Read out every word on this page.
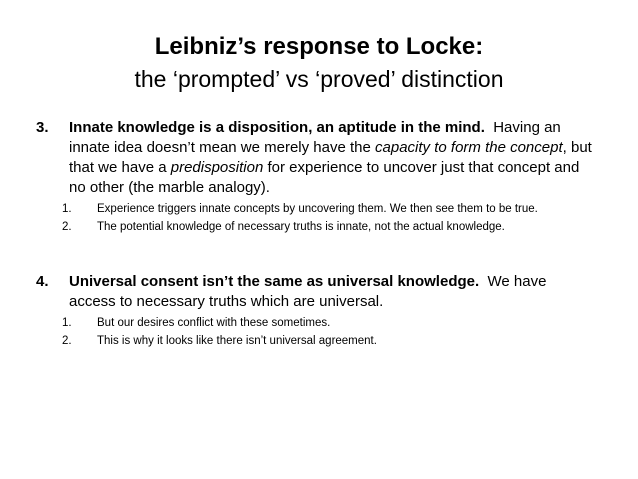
Leibniz’s response to Locke:
the ‘prompted’ vs ‘proved’ distinction
3.	Innate knowledge is a disposition, an aptitude in the mind. Having an innate idea doesn’t mean we merely have the capacity to form the concept, but that we have a predisposition for experience to uncover just that concept and no other (the marble analogy).
1.	Experience triggers innate concepts by uncovering them. We then see them to be true.
2.	The potential knowledge of necessary truths is innate, not the actual knowledge.
4.	Universal consent isn’t the same as universal knowledge. We have access to necessary truths which are universal.
1.	But our desires conflict with these sometimes.
2.	This is why it looks like there isn’t universal agreement.
